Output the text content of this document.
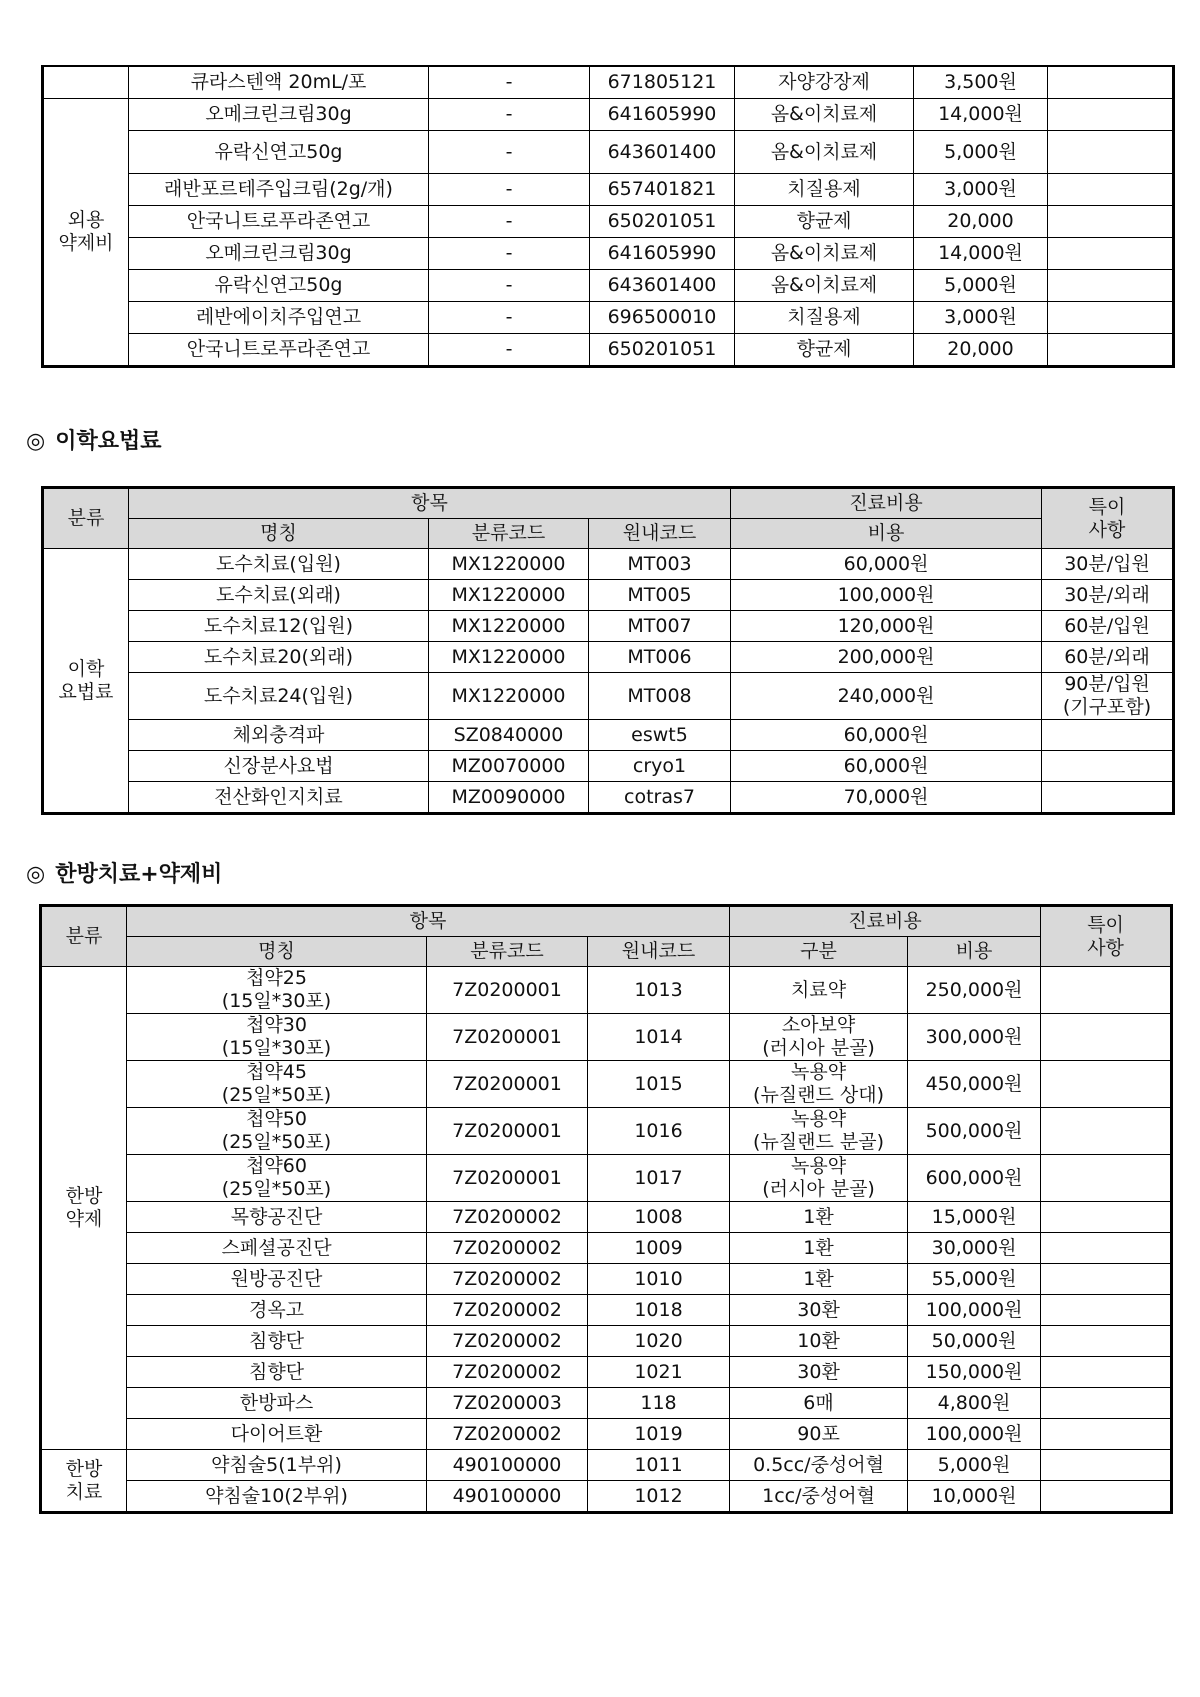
	큐라스텐액 20mL/포	-	671805121	자양강장제	3,500원	

외용
약제비	오메크린크림30g	-	641605990	옴&이치료제	14,000원	
	유락신연고50g	-	643601400	옴&이치료제	5,000원	
	래반포르테주입크림(2g/개)	-	657401821	치질용제	3,000원	
	안국니트로푸라존연고	-	650201051	향균제	20,000	
	오메크린크림30g	-	641605990	옴&이치료제	14,000원	
	유락신연고50g	-	643601400	옴&이치료제	5,000원	
	레반에이치주입연고	-	696500010	치질용제	3,000원	
	안국니트로푸라존연고	-	650201051	향균제	20,000	
◎ 이학요법료
분류	항목			진료비용	특이
사항

	명칭	분류코드	원내코드	비용	

이학
요법료	도수치료(입원)	MX1220000	MT003	60,000원	30분/입원
	도수치료(외래)	MX1220000	MT005	100,000원	30분/외래
	도수치료12(입원)	MX1220000	MT007	120,000원	60분/입원
	도수치료20(외래)	MX1220000	MT006	200,000원	60분/외래
	도수치료24(입원)	MX1220000	MT008	240,000원	90분/입원
(기구포함)

	체외충격파	SZ0840000	eswt5	60,000원	
	신장분사요법	MZ0070000	cryo1	60,000원	
	전산화인지치료	MZ0090000	cotras7	70,000원	
◎ 한방치료+약제비
분류	항목			진료비용		특이
사항

	명칭	분류코드	원내코드	구분	비용	

한방
약제	첩약25
(15일*30포)	7Z0200001	1013	치료약	250,000원	

	첩약30
(15일*30포)	7Z0200001	1014	소아보약
(러시아 분골)	300,000원	

	첩약45
(25일*50포)	7Z0200001	1015	녹용약
(뉴질랜드 상대)	450,000원	

	첩약50
(25일*50포)	7Z0200001	1016	녹용약
(뉴질랜드 분골)	500,000원	

	첩약60
(25일*50포)	7Z0200001	1017	녹용약
(러시아 분골)	600,000원	
	목향공진단	7Z0200002	1008	1환	15,000원	
	스페셜공진단	7Z0200002	1009	1환	30,000원	
	원방공진단	7Z0200002	1010	1환	55,000원	
	경옥고	7Z0200002	1018	30환	100,000원	
	침향단	7Z0200002	1020	10환	50,000원	
	침향단	7Z0200002	1021	30환	150,000원	
	한방파스	7Z0200003	118	6매	4,800원	
	다이어트환	7Z0200002	1019	90포	100,000원	

한방
치료	약침술5(1부위)	490100000	1011	0.5cc/중성어혈	5,000원	
	약침술10(2부위)	490100000	1012	1cc/중성어혈	10,000원	
